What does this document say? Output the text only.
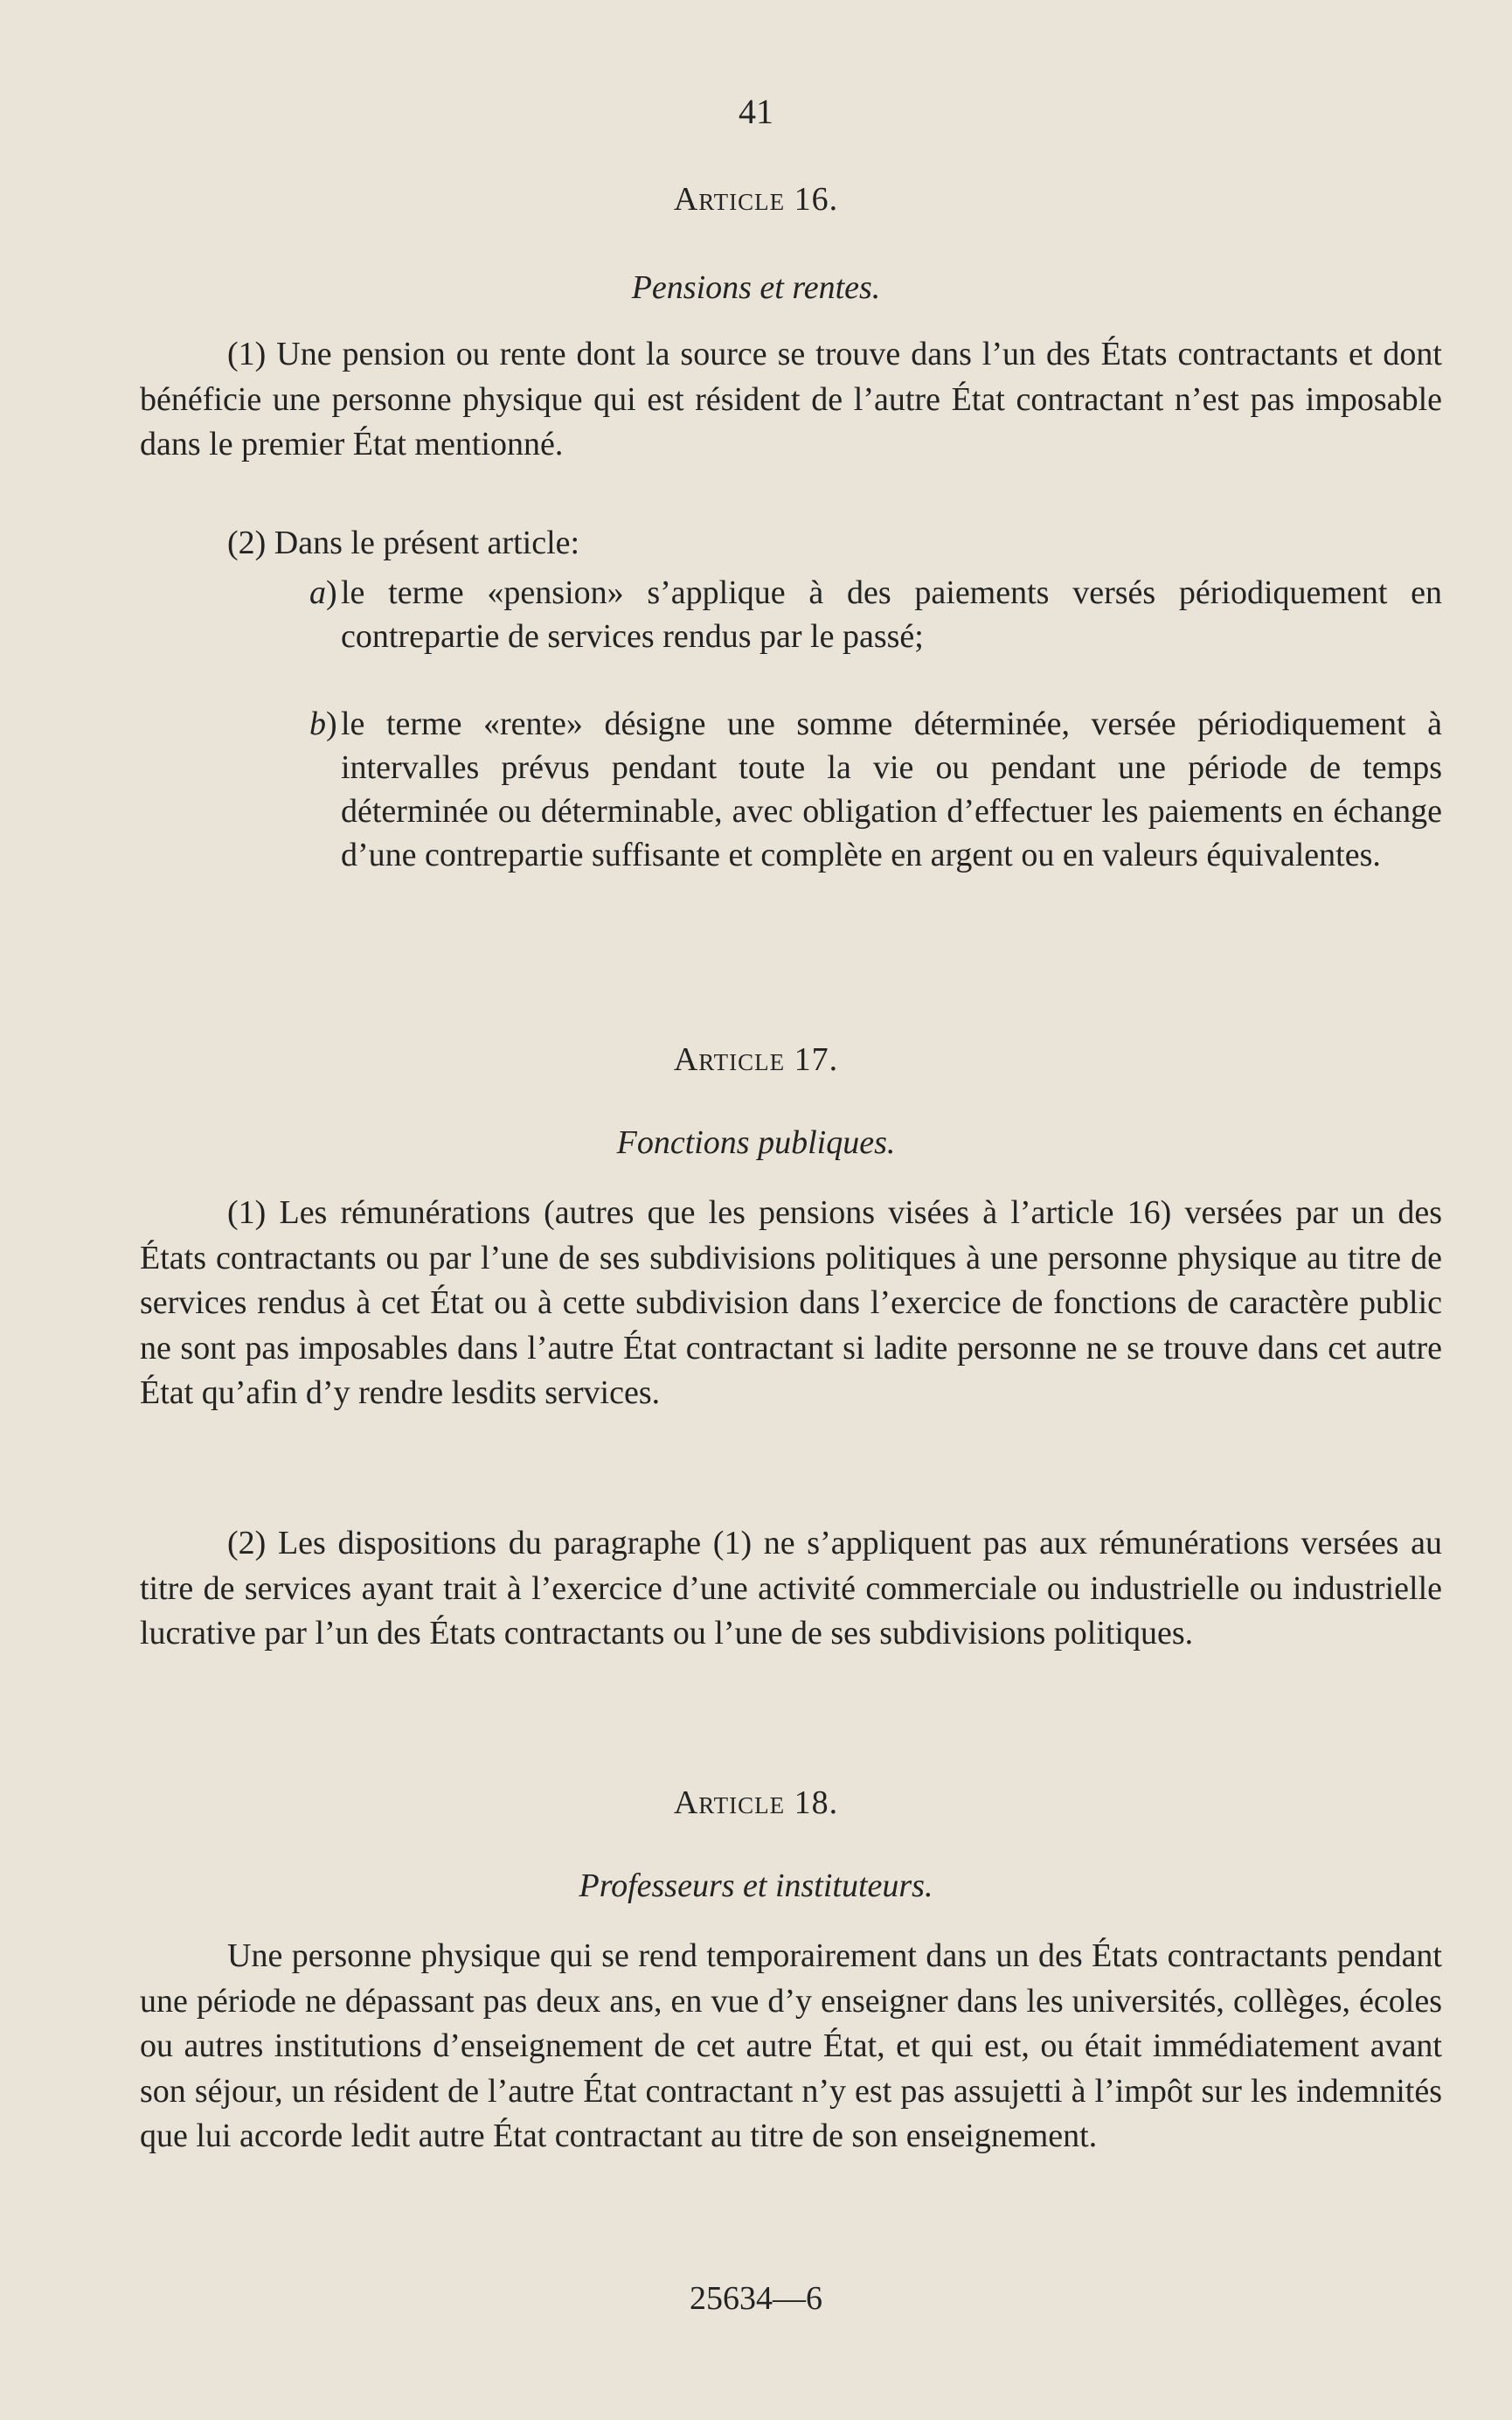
41
Article 16.
Pensions et rentes.

(1) Une pension ou rente dont la source se trouve dans l’un des États contractants et dont bénéficie une personne physique qui est résident de l’autre État contractant n’est pas imposable dans le premier État mentionné.

(2) Dans le présent article:

a) le terme «pension» s’applique à des paiements versés périodiquement en contrepartie de services rendus par le passé;
b) le terme «rente» désigne une somme déterminée, versée périodiquement à intervalles prévus pendant toute la vie ou pendant une période de temps déterminée ou déterminable, avec obligation d’effectuer les paiements en échange d’une contrepartie suffisante et complète en argent ou en valeurs équivalentes.
Article 17.
Fonctions publiques.

(1) Les rémunérations (autres que les pensions visées à l’article 16) versées par un des États contractants ou par l’une de ses subdivisions politiques à une personne physique au titre de services rendus à cet État ou à cette subdivision dans l’exercice de fonctions de caractère public ne sont pas imposables dans l’autre État contractant si ladite personne ne se trouve dans cet autre État qu’afin d’y rendre lesdits services.

(2) Les dispositions du paragraphe (1) ne s’appliquent pas aux rémunérations versées au titre de services ayant trait à l’exercice d’une activité commerciale ou industrielle ou industrielle lucrative par l’un des États contractants ou l’une de ses subdivisions politiques.

Article 18.
Professeurs et instituteurs.

Une personne physique qui se rend temporairement dans un des États contractants pendant une période ne dépassant pas deux ans, en vue d’y enseigner dans les universités, collèges, écoles ou autres institutions d’enseignement de cet autre État, et qui est, ou était immédiatement avant son séjour, un résident de l’autre État contractant n’y est pas assujetti à l’impôt sur les indemnités que lui accorde ledit autre État contractant au titre de son enseignement.

25634—6
